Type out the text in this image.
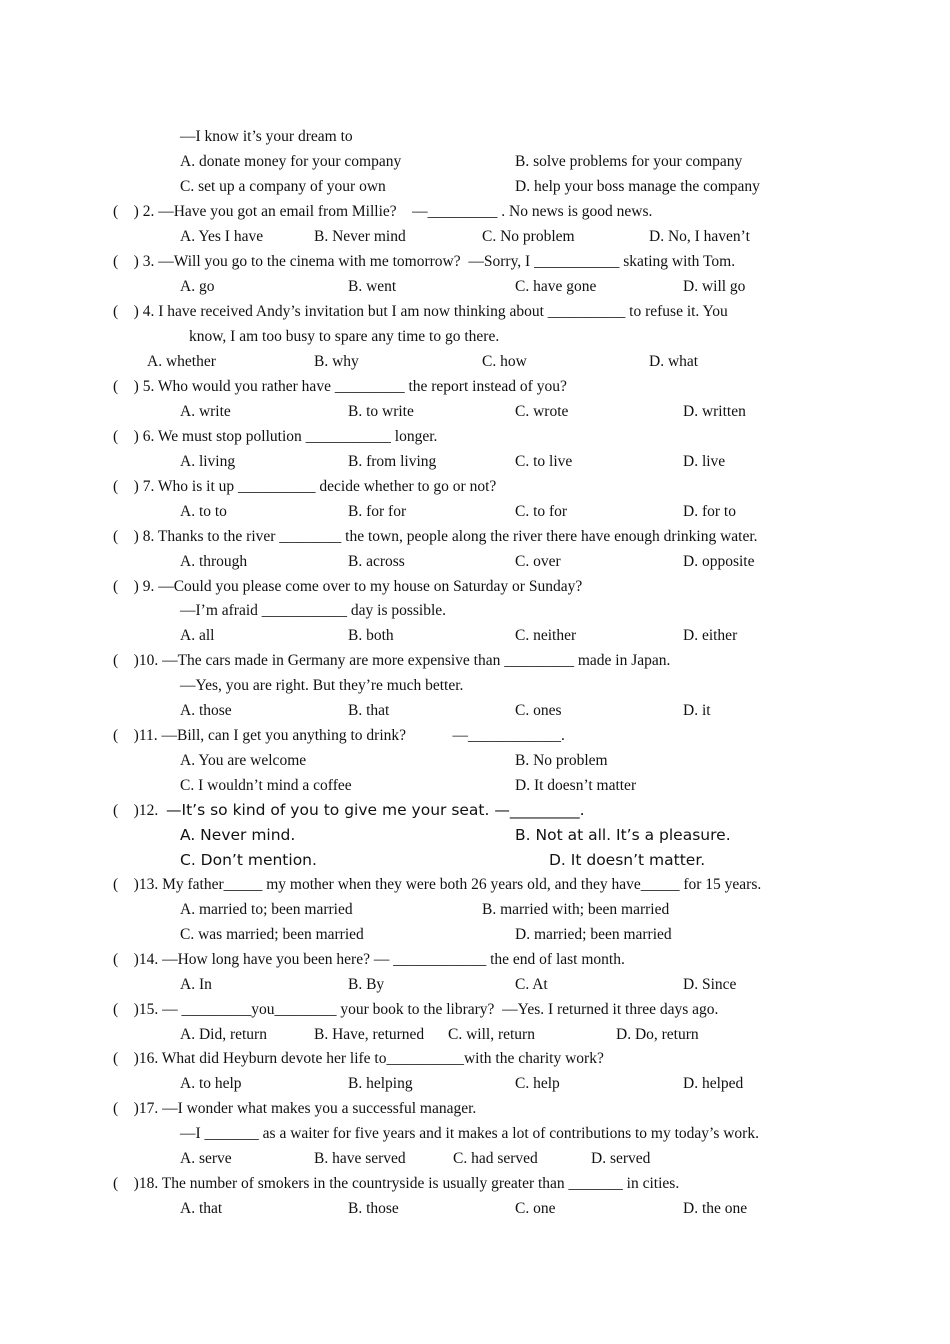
—I know it’s your dream to
A. donate money for your company	B. solve problems for your company
C. set up a company of your own	D. help your boss manage the company
(    ) 2. —Have you got an email from Millie?    —_________ . No news is good news.
A. Yes I have	B. Never mind	C. No problem	D. No, I haven’t
(    ) 3. —Will you go to the cinema with me tomorrow?  —Sorry, I ___________ skating with Tom.
A. go	B. went	C. have gone	D. will go
(    ) 4. I have received Andy’s invitation but I am now thinking about __________ to refuse it. You
know, I am too busy to spare any time to go there.
A. whether	B. why	C. how	D. what
(    ) 5. Who would you rather have _________ the report instead of you?
A. write	B. to write	C. wrote	D. written
(    ) 6. We must stop pollution ___________ longer.
A. living	B. from living	C. to live	D. live
(    ) 7. Who is it up __________ decide whether to go or not?
A. to to	B. for for	C. to for	D. for to
(    ) 8. Thanks to the river ________ the town, people along the river there have enough drinking water.
A. through	B. across	C. over	D. opposite
(    ) 9. —Could you please come over to my house on Saturday or Sunday?
—I’m afraid ___________ day is possible.
A. all	B. both	C. neither	D. either
(    )10. —The cars made in Germany are more expensive than _________ made in Japan.
—Yes, you are right. But they’re much better.
A. those	B. that	C. ones	D. it
(    )11. —Bill, can I get you anything to drink?            —____________.
A. You are welcome	B. No problem
C. I wouldn’t mind a coffee	D. It doesn’t matter
(    )12. —It’s so kind of you to give me your seat. —_________.
A. Never mind.	B. Not at all. It’s a pleasure.
C. Don’t mention.	D. It doesn’t matter.
(    )13. My father_____ my mother when they were both 26 years old, and they have_____ for 15 years.
A. married to; been married	B. married with; been married
C. was married; been married	D. married; been married
(    )14. —How long have you been here? — ____________ the end of last month.
A. In	B. By	C. At	D. Since
(    )15. — _________you________ your book to the library?  —Yes. I returned it three days ago.
A. Did, return	B. Have, returned C. will, return	D. Do, return
(    )16. What did Heyburn devote her life to__________with the charity work?
A. to help	B. helping	C. help	D. helped
(    )17. —I wonder what makes you a successful manager.
—I _______ as a waiter for five years and it makes a lot of contributions to my today’s work.
A. serve	B. have served	C. had served	D. served
(    )18. The number of smokers in the countryside is usually greater than _______ in cities.
A. that	B. those	C. one	D. the one
